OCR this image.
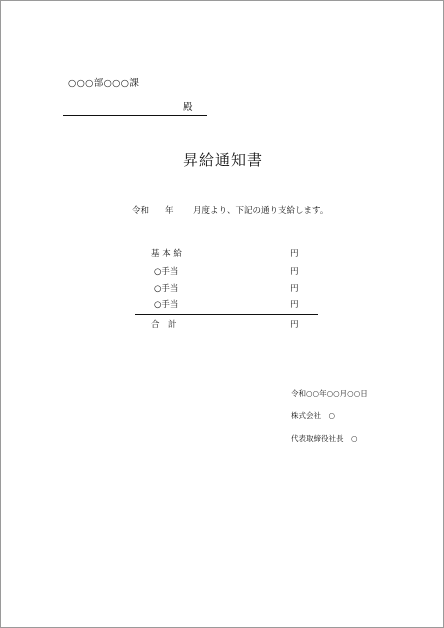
○○○部○○○課
殿
昇給通知書
令和 年 月度より、下記の通り支給します。
基 本 給	円
○手当	円
○手当	円
○手当	円
合　計	円
令和○○年○○月○○日
株式会社　○
代表取締役社長　○
